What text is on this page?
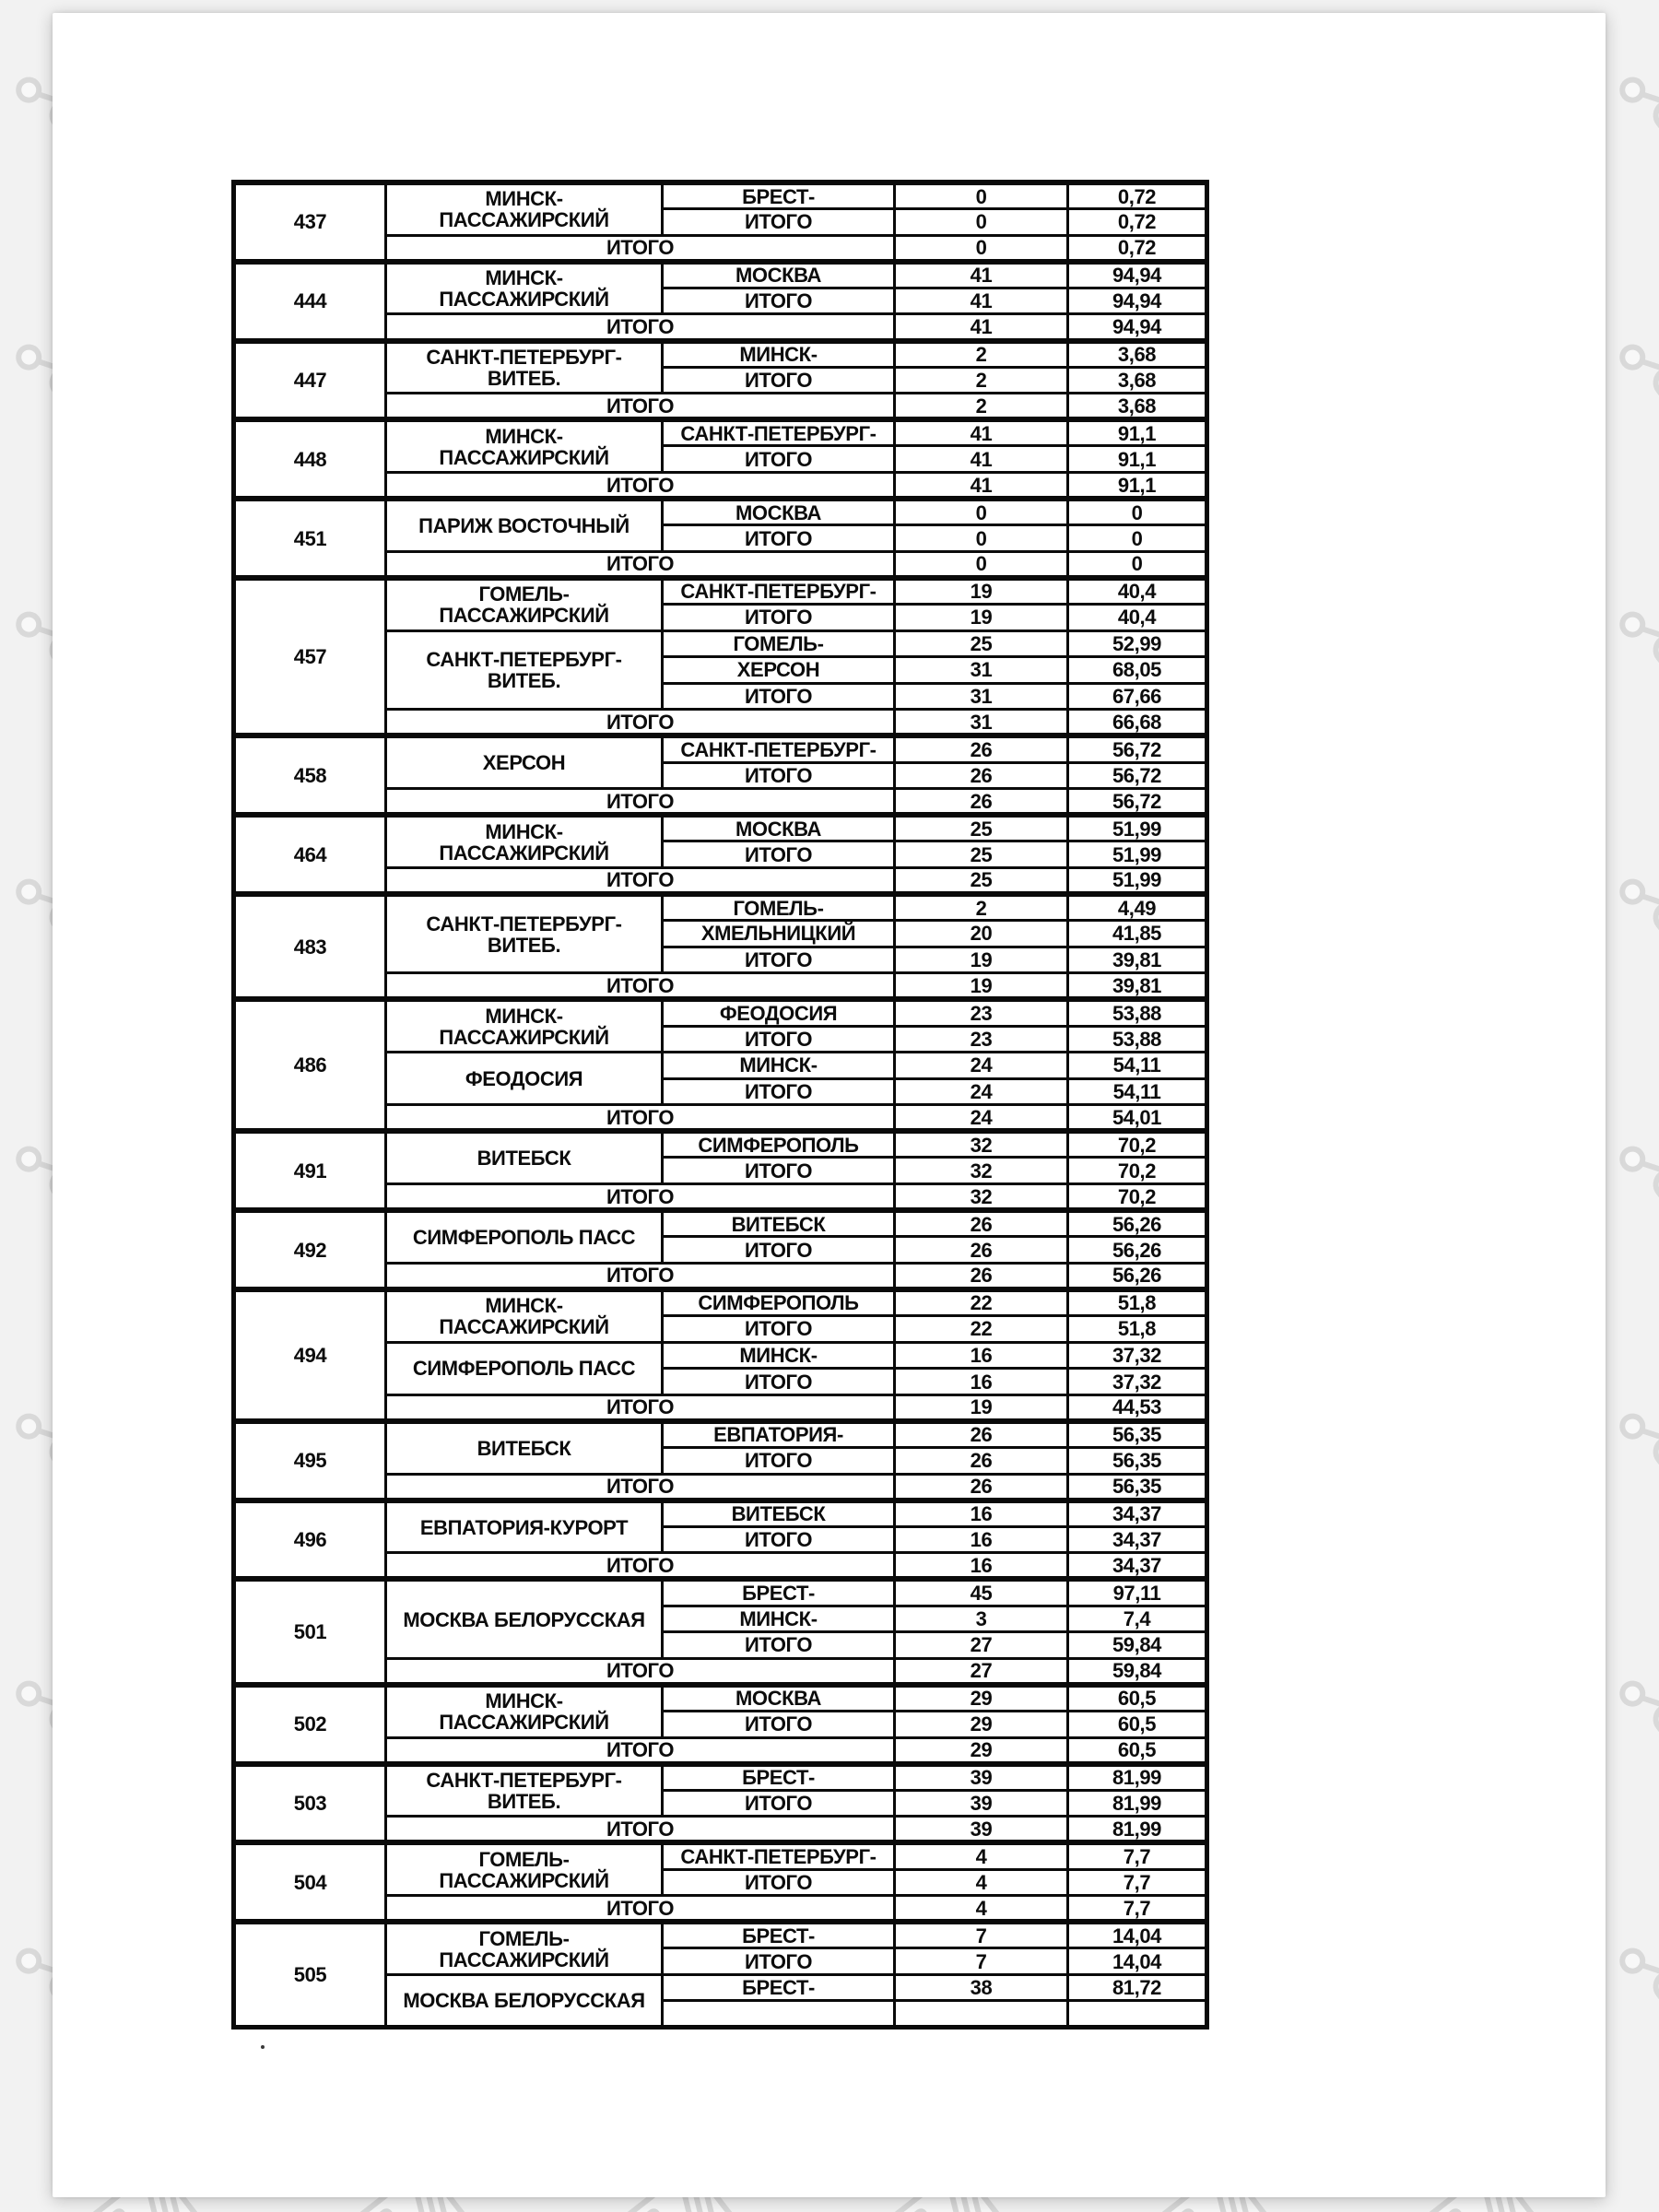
437	МИНСК-
ПАССАЖИРСКИЙ	БРЕСТ-	0	0,72
		ИТОГО	0	0,72
	ИТОГО		0	0,72
444	МИНСК-
ПАССАЖИРСКИЙ	МОСКВА	41	94,94
		ИТОГО	41	94,94
	ИТОГО		41	94,94
447	САНКТ-ПЕТЕРБУРГ-
ВИТЕБ.	МИНСК-	2	3,68
		ИТОГО	2	3,68
	ИТОГО		2	3,68
448	МИНСК-
ПАССАЖИРСКИЙ	САНКТ-ПЕТЕРБУРГ-	41	91,1
		ИТОГО	41	91,1
	ИТОГО		41	91,1
451	ПАРИЖ ВОСТОЧНЫЙ	МОСКВА	0	0
		ИТОГО	0	0
	ИТОГО		0	0
457	ГОМЕЛЬ-
ПАССАЖИРСКИЙ	САНКТ-ПЕТЕРБУРГ-	19	40,4
		ИТОГО	19	40,4

	САНКТ-ПЕТЕРБУРГ-
ВИТЕБ.	ГОМЕЛЬ-	25	52,99
		ХЕРСОН	31	68,05
		ИТОГО	31	67,66
	ИТОГО		31	66,68
458	ХЕРСОН	САНКТ-ПЕТЕРБУРГ-	26	56,72
		ИТОГО	26	56,72
	ИТОГО		26	56,72
464	МИНСК-
ПАССАЖИРСКИЙ	МОСКВА	25	51,99
		ИТОГО	25	51,99
	ИТОГО		25	51,99
483	САНКТ-ПЕТЕРБУРГ-
ВИТЕБ.	ГОМЕЛЬ-	2	4,49
		ХМЕЛЬНИЦКИЙ	20	41,85
		ИТОГО	19	39,81
	ИТОГО		19	39,81
486	МИНСК-
ПАССАЖИРСКИЙ	ФЕОДОСИЯ	23	53,88
		ИТОГО	23	53,88

	ФЕОДОСИЯ	МИНСК-	24	54,11
		ИТОГО	24	54,11
	ИТОГО		24	54,01
491	ВИТЕБСК	СИМФЕРОПОЛЬ	32	70,2
		ИТОГО	32	70,2
	ИТОГО		32	70,2
492	СИМФЕРОПОЛЬ ПАСС	ВИТЕБСК	26	56,26
		ИТОГО	26	56,26
	ИТОГО		26	56,26
494	МИНСК-
ПАССАЖИРСКИЙ	СИМФЕРОПОЛЬ	22	51,8
		ИТОГО	22	51,8

	СИМФЕРОПОЛЬ ПАСС	МИНСК-	16	37,32
		ИТОГО	16	37,32
	ИТОГО		19	44,53
495	ВИТЕБСК	ЕВПАТОРИЯ-	26	56,35
		ИТОГО	26	56,35
	ИТОГО		26	56,35
496	ЕВПАТОРИЯ-КУРОРТ	ВИТЕБСК	16	34,37
		ИТОГО	16	34,37
	ИТОГО		16	34,37
501	МОСКВА БЕЛОРУССКАЯ	БРЕСТ-	45	97,11
		МИНСК-	3	7,4
		ИТОГО	27	59,84
	ИТОГО		27	59,84
502	МИНСК-
ПАССАЖИРСКИЙ	МОСКВА	29	60,5
		ИТОГО	29	60,5
	ИТОГО		29	60,5
503	САНКТ-ПЕТЕРБУРГ-
ВИТЕБ.	БРЕСТ-	39	81,99
		ИТОГО	39	81,99
	ИТОГО		39	81,99
504	ГОМЕЛЬ-
ПАССАЖИРСКИЙ	САНКТ-ПЕТЕРБУРГ-	4	7,7
		ИТОГО	4	7,7
	ИТОГО		4	7,7
505	ГОМЕЛЬ-
ПАССАЖИРСКИЙ	БРЕСТ-	7	14,04
		ИТОГО	7	14,04

	МОСКВА БЕЛОРУССКАЯ	БРЕСТ-	38	81,72
